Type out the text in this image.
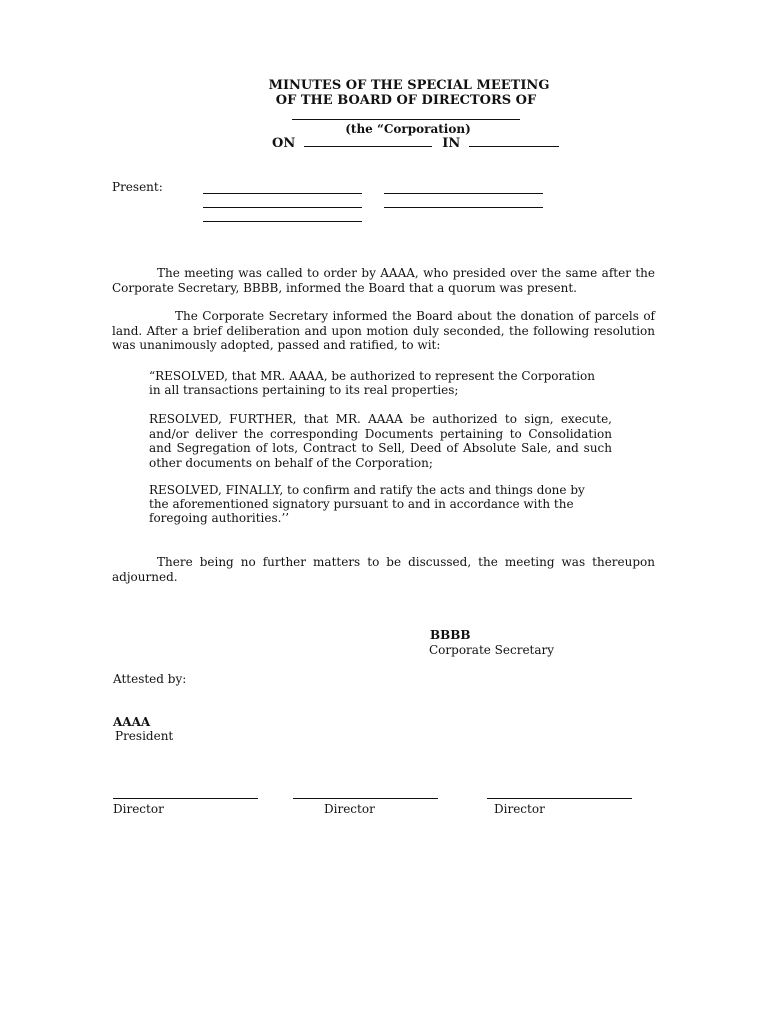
MINUTES OF THE SPECIAL MEETING
OF THE BOARD OF DIRECTORS OF
(the “Corporation)
ON	IN
Present:
The meeting was called to order by AAAA, who presided over the same after the Corporate Secretary, BBBB, informed the Board that a quorum was present.
The Corporate Secretary informed the Board about the donation of parcels of land. After a brief deliberation and upon motion duly seconded, the following resolution was unanimously adopted, passed and ratified, to wit:
“RESOLVED, that MR. AAAA, be authorized to represent the Corporation
in all transactions pertaining to its real properties;
RESOLVED, FURTHER, that MR. AAAA be authorized to sign, execute, and/or deliver the corresponding Documents pertaining to Consolidation and Segregation of lots, Contract to Sell, Deed of Absolute Sale, and such other documents on behalf of the Corporation;
RESOLVED, FINALLY, to confirm and ratify the acts and things done by
the aforementioned signatory pursuant to and in accordance with the
foregoing authorities.’’
There being no further matters to be discussed, the meeting was thereupon adjourned.
BBBB
Corporate Secretary
Attested by:
AAAA
President
Director	Director	Director
